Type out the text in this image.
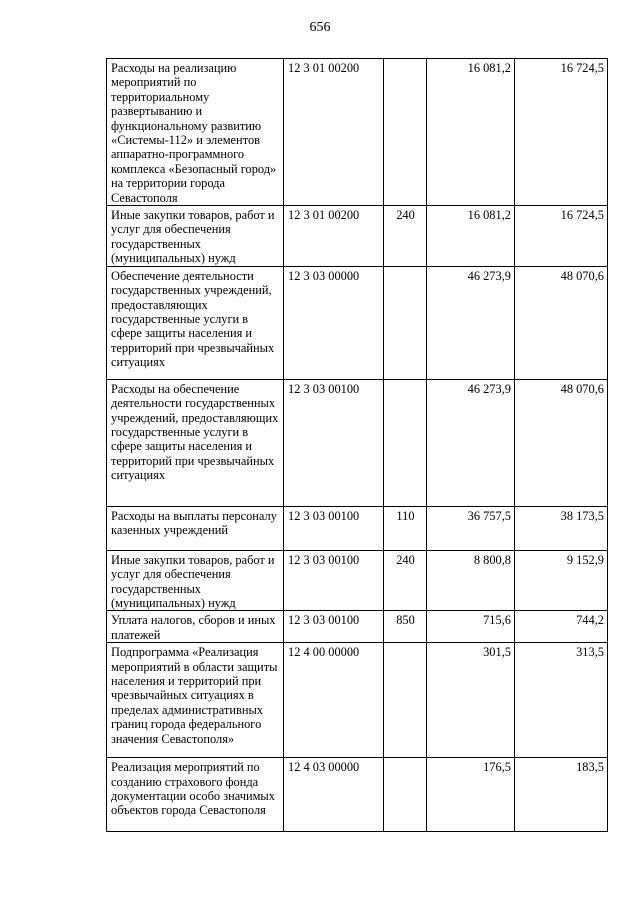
656
Расходы на реализацию мероприятий по территориальному развертыванию и функциональному развитию «Системы-112» и элементов аппаратно-программного комплекса «Безопасный город» на территории города Севастополя	12 3 01 00200		16 081,2	16 724,5
Иные закупки товаров, работ и услуг для обеспечения государственных (муниципальных) нужд	12 3 01 00200	240	16 081,2	16 724,5
Обеспечение деятельности государственных учреждений, предоставляющих государственные услуги в сфере защиты населения и территорий при чрезвычайных ситуациях	12 3 03 00000		46 273,9	48 070,6
Расходы на обеспечение деятельности государственных учреждений, предоставляющих государственные услуги в сфере защиты населения и территорий при чрезвычайных ситуациях	12 3 03 00100		46 273,9	48 070,6
Расходы на выплаты персоналу казенных учреждений	12 3 03 00100	110	36 757,5	38 173,5
Иные закупки товаров, работ и услуг для обеспечения государственных (муниципальных) нужд	12 3 03 00100	240	8 800,8	9 152,9
Уплата налогов, сборов и иных платежей	12 3 03 00100	850	715,6	744,2
Подпрограмма «Реализация мероприятий в области защиты населения и территорий при чрезвычайных ситуациях в пределах административных границ города федерального значения Севастополя»	12 4 00 00000		301,5	313,5
Реализация мероприятий по созданию страхового фонда документации особо значимых объектов города Севастополя	12 4 03 00000		176,5	183,5
